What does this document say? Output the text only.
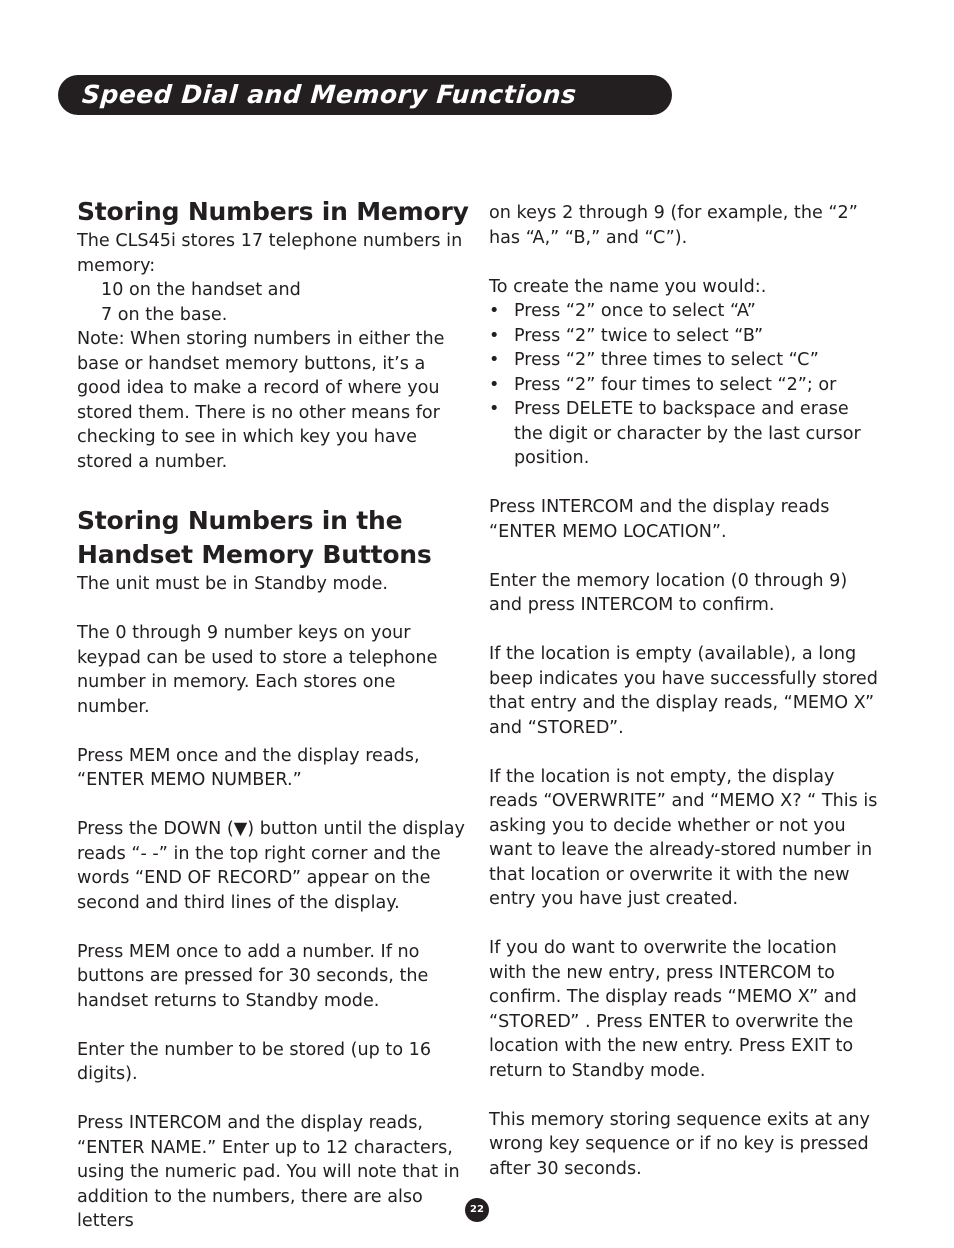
Speed Dial and Memory Functions
Storing Numbers in Memory

The CLS45i stores 17 telephone numbers in memory:

10 on the handset and

7 on the base.

Note: When storing numbers in either the base or handset memory buttons, it’s a good idea to make a record of where you stored them. There is no other means for checking to see in which key you have stored a number.

Storing Numbers in the Handset Memory Buttons

The unit must be in Standby mode.

The 0 through 9 number keys on your keypad can be used to store a telephone number in memory. Each stores one number.

Press MEM once and the display reads, “ENTER MEMO NUMBER.”

Press the DOWN (▼) button until the display reads “- -” in the top right corner and the words “END OF RECORD” appear on the second and third lines of the display.

Press MEM once to add a number. If no buttons are pressed for 30 seconds, the handset returns to Standby mode.

Enter the number to be stored (up to 16 digits).

Press INTERCOM and the display reads, “ENTER NAME.” Enter up to 12 characters, using the numeric pad. You will note that in addition to the numbers, there are also letters

on keys 2 through 9 (for example, the “2” has “A,” “B,” and “C”).

To create the name you would:.

• Press “2” once to select “A”
• Press “2” twice to select “B”
• Press “2” three times to select “C”
• Press “2” four times to select “2”; or
• Press DELETE to backspace and erase the digit or character by the last cursor position.

Press INTERCOM and the display reads “ENTER MEMO LOCATION”.

Enter the memory location (0 through 9) and press INTERCOM to confirm.

If the location is empty (available), a long beep indicates you have successfully stored that entry and the display reads, “MEMO X” and “STORED”.

If the location is not empty, the display reads “OVERWRITE” and “MEMO X? “ This is asking you to decide whether or not you want to leave the already-stored number in that location or overwrite it with the new entry you have just created.

If you do want to overwrite the location with the new entry, press INTERCOM to confirm. The display reads “MEMO X” and “STORED” . Press ENTER to overwrite the location with the new entry. Press EXIT to return to Standby mode.

This memory storing sequence exits at any wrong key sequence or if no key is pressed after 30 seconds.

22
